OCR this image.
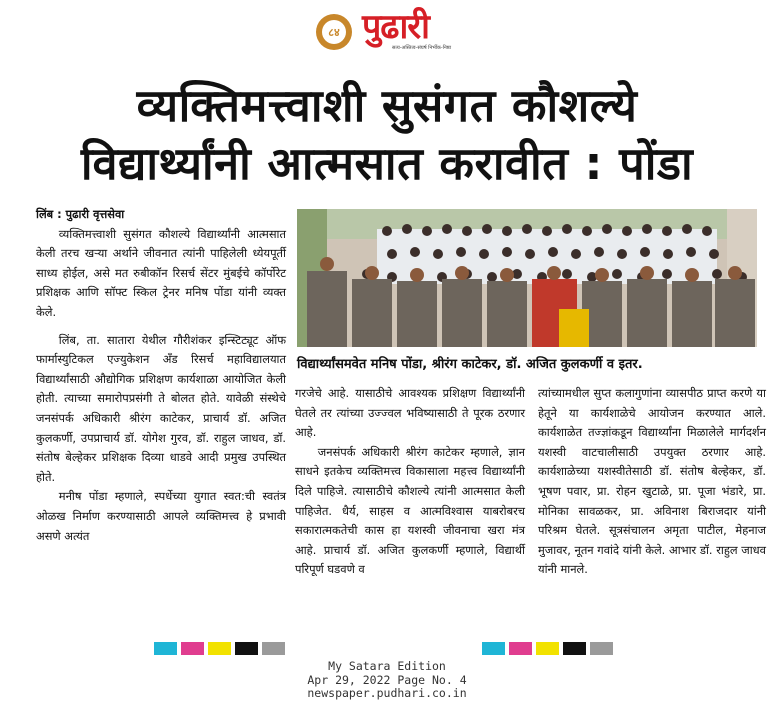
८४ पुढारी
सत्य-अस्तित्व-संघर्ष निर्भीक-निष्ठा
व्यक्तिमत्त्वाशी सुसंगत कौशल्ये
विद्यार्थ्यांनी आत्मसात करावीत : पोंडा

लिंब : पुढारी वृत्तसेवा

व्यक्तिमत्त्वाशी सुसंगत कौशल्ये विद्यार्थ्यांनी आत्मसात केली तरच खऱ्या अर्थाने जीवनात त्यांनी पाहिलेली ध्येयपूर्ती साध्य होईल, असे मत रुबीकॉन रिसर्च सेंटर मुंबईचे कॉर्पोरेट प्रशिक्षक आणि सॉफ्ट स्किल ट्रेनर मनिष पोंडा यांनी व्यक्त केले.

लिंब, ता. सातारा येथील गौरीशंकर इन्स्टिट्यूट ऑफ फार्मास्युटिकल एज्युकेशन अँड रिसर्च महाविद्यालयात विद्यार्थ्यांसाठी औद्योगिक प्रशिक्षण कार्यशाळा आयोजित केली होती. त्याच्या समारोपप्रसंगी ते बोलत होते. यावेळी संस्थेचे जनसंपर्क अधिकारी श्रीरंग काटेकर, प्राचार्य डॉ. अजित कुलकर्णी, उपप्राचार्य डॉ. योगेश गुरव, डॉ. राहुल जाधव, डॉ. संतोष बेल्हेकर प्रशिक्षक दिव्या धाडवे आदी प्रमुख उपस्थित होते.

मनीष पोंडा म्हणाले, स्पर्धेच्या युगात स्वत:ची स्वतंत्र ओळख निर्माण करण्यासाठी आपले व्यक्तिमत्त्व हे प्रभावी असणे अत्यंत

विद्यार्थ्यांसमवेत मनिष पोंडा, श्रीरंग काटेकर, डॉ. अजित कुलकर्णी व इतर.

गरजेचे आहे. यासाठीचे आवश्यक प्रशिक्षण विद्यार्थ्यांनी घेतले तर त्यांच्या उज्ज्वल भविष्यासाठी ते पूरक ठरणार आहे.

जनसंपर्क अधिकारी श्रीरंग काटेकर म्हणाले, ज्ञान साधने इतकेच व्यक्तिमत्त्व विकासाला महत्त्व विद्यार्थ्यांनी दिले पाहिजे. त्यासाठीचे कौशल्ये त्यांनी आत्मसात केली पाहिजेत. धैर्य, साहस व आत्मविश्वास याबरोबरच सकारात्मकतेची कास हा यशस्वी जीवनाचा खरा मंत्र आहे. प्राचार्य डॉ. अजित कुलकर्णी म्हणाले, विद्यार्थी परिपूर्ण घडवणे व

त्यांच्यामधील सुप्त कलागुणांना व्यासपीठ प्राप्त करणे या हेतूने या कार्यशाळेचे आयोजन करण्यात आले. कार्यशाळेत तज्ज्ञांकडून विद्यार्थ्यांना मिळालेले मार्गदर्शन यशस्वी वाटचालीसाठी उपयुक्त ठरणार आहे. कार्यशाळेच्या यशस्वीतेसाठी डॉ. संतोष बेल्हेकर, डॉ. भूषण पवार, प्रा. रोहन खुटाळे, प्रा. पूजा भंडारे, प्रा. मोनिका सावळकर, प्रा. अविनाश बिराजदार यांनी परिश्रम घेतले. सूत्रसंचालन अमृता पाटील, मेहनाज मुजावर, नूतन गवांदे यांनी केले. आभार डॉ. राहुल जाधव यांनी मानले.

My Satara Edition
Apr 29, 2022 Page No. 4
newspaper.pudhari.co.in
